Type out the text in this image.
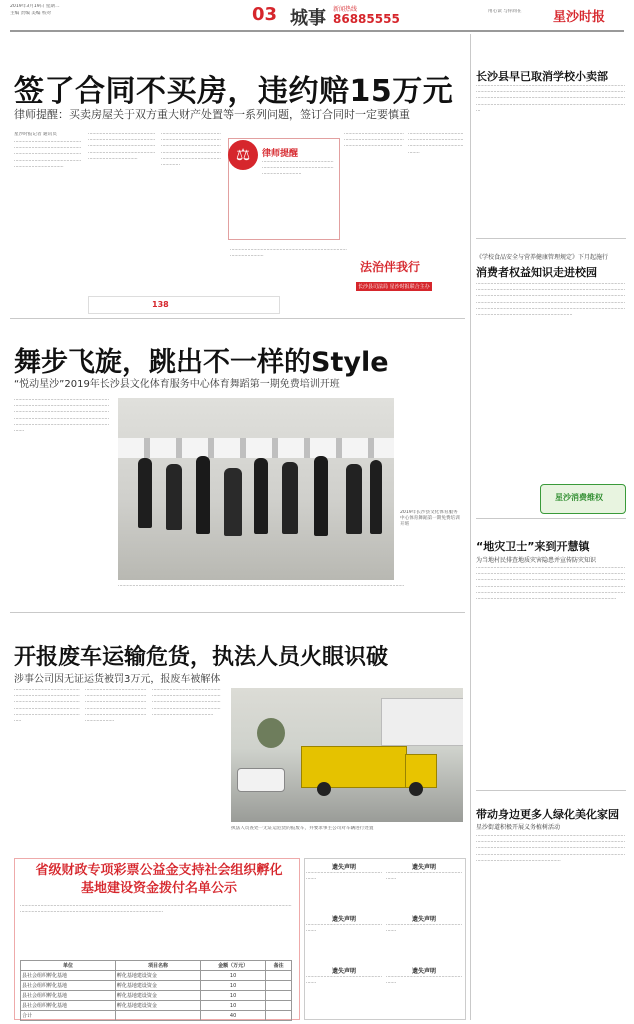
2019年3月19日 星期二
主编 责编 美编 校对	03 城事 新闻热线
86885555
用心读 与你同在	星沙时报
签了合同不买房，违约赔15万元
律师提醒：买卖房屋关于双方重大财产处置等一系列问题，签订合同时一定要慎重
星沙时报记者 通讯员
··························································································································································································································
··························································································································································································································
··························································································································································································································
⚖	律师提醒
·····························································································································
··························································································································
··························································································································
法治伴我行
长沙县司法局 星沙时报联合主办
·······································································································
138
舞步飞旋，跳出不一样的Style
“悦动星沙”2019年长沙县文化体育服务中心体育舞蹈第一期免费培训开班
············································································································································································································································································································································
2019年长沙县文化体育服务中心体育舞蹈第一期免费培训开班
····································································································································································································
开报废车运输危货，执法人员火眼识破
涉事公司因无证运货被罚3万元，报废车被解体
······································································································································································································································
······································································································································································································································
······································································································································································································································
执法人员查处一无证运危货的报废车，并要求事主公司对车辆进行处置
省级财政专项彩票公益金支持社会组织孵化基地建设资金拨付名单公示
····························································································································································································································································································
单位	项目名称	金额（万元）	备注
县社会组织孵化基地	孵化基地建设资金	10	
县社会组织孵化基地	孵化基地建设资金	10	
县社会组织孵化基地	孵化基地建设资金	10	
县社会组织孵化基地	孵化基地建设资金	10	
合计		40	
遗失声明
···························································
遗失声明
···························································
遗失声明
···························································
遗失声明
···························································
遗失声明
···························································
遗失声明
···························································
长沙县早已取消学校小卖部
···························································································································································································································································································································································································································
《学校食品安全与营养健康管理规定》下月起施行
消费者权益知识走进校园
································································································································································································································································································································································································································································································································································································
星沙消费维权
“地灾卫士”来到开慧镇
为当地村民排查地质灾害隐患并宣传防灾知识
······························································································································································································································································································································································································································································································································································································································
带动身边更多人绿化美化家园
星沙街道积极开展义务植树活动
··················································································································································································································································································································································································································································································
